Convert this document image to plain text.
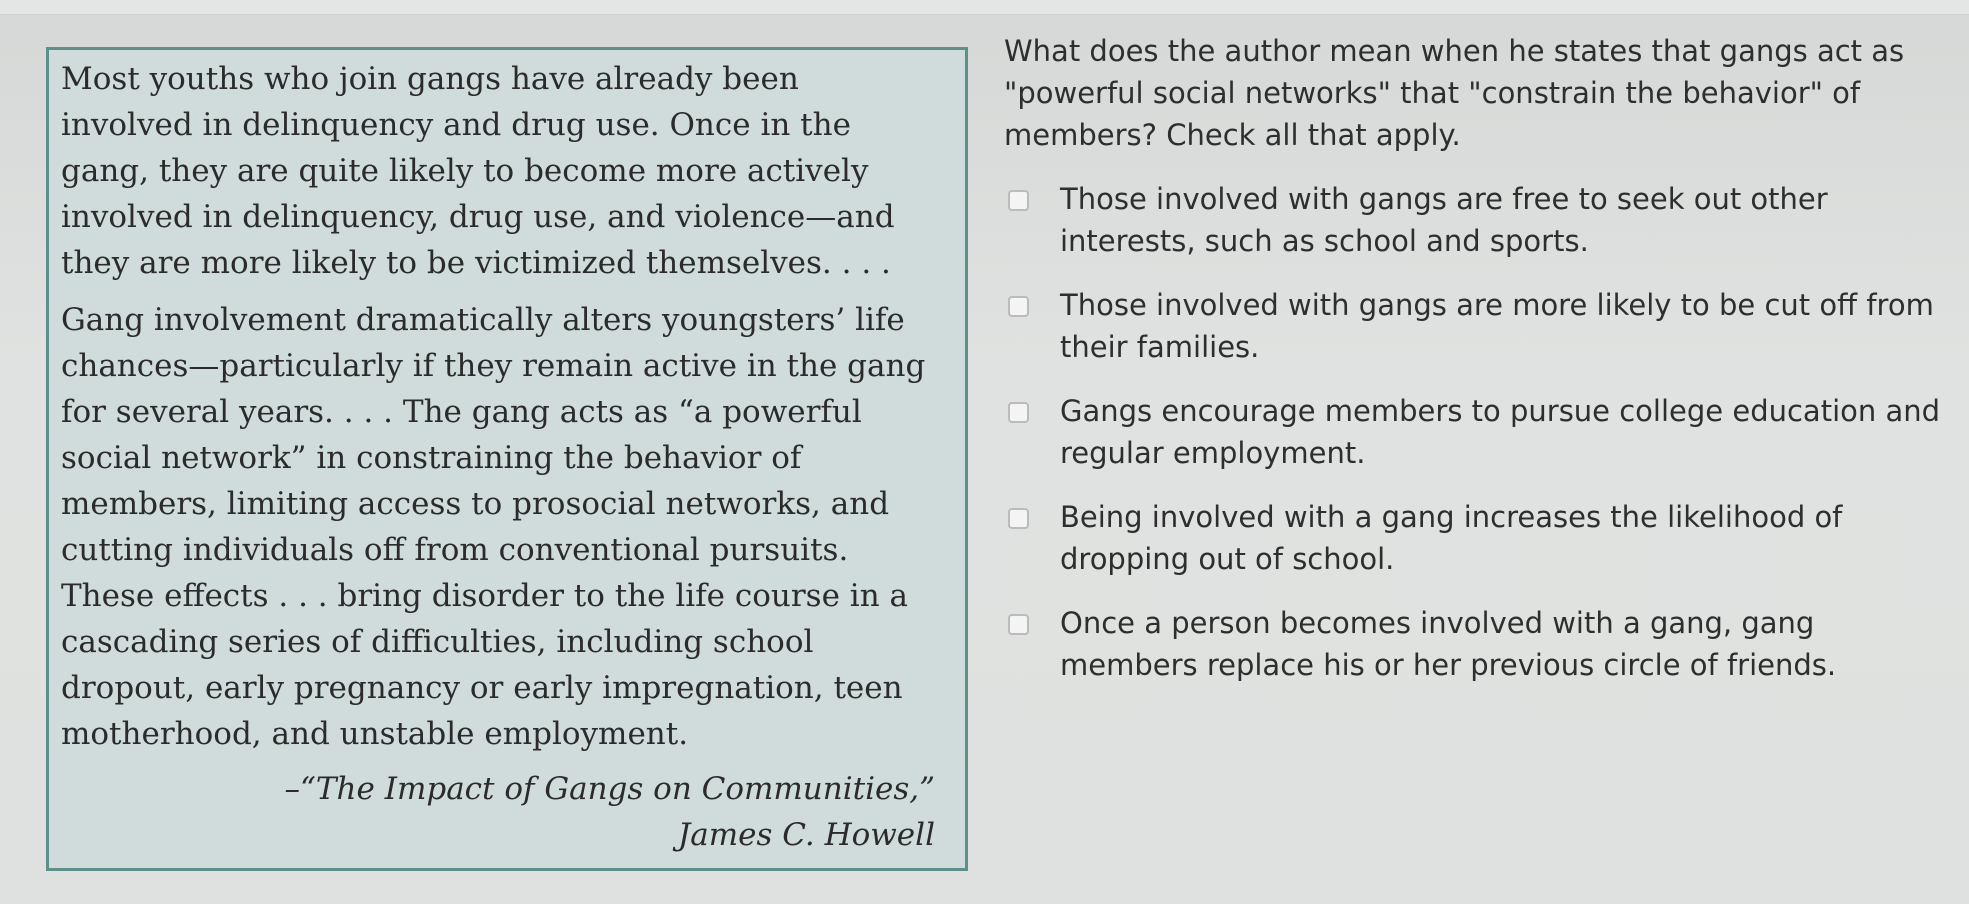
Most youths who join gangs have already been involved in delinquency and drug use. Once in the gang, they are quite likely to become more actively involved in delinquency, drug use, and violence—and they are more likely to be victimized themselves. . . .

Gang involvement dramatically alters youngsters’ life chances—particularly if they remain active in the gang for several years. . . . The gang acts as “a powerful social network” in constraining the behavior of members, limiting access to prosocial networks, and cutting individuals off from conventional pursuits. These effects . . . bring disorder to the life course in a cascading series of difficulties, including school dropout, early pregnancy or early impregnation, teen motherhood, and unstable employment.

–“The Impact of Gangs on Communities,”
James C. Howell

What does the author mean when he states that gangs act as "powerful social networks" that "constrain the behavior" of members? Check all that apply.

Those involved with gangs are free to seek out other interests, such as school and sports.
Those involved with gangs are more likely to be cut off from their families.
Gangs encourage members to pursue college education and regular employment.
Being involved with a gang increases the likelihood of dropping out of school.
Once a person becomes involved with a gang, gang members replace his or her previous circle of friends.
